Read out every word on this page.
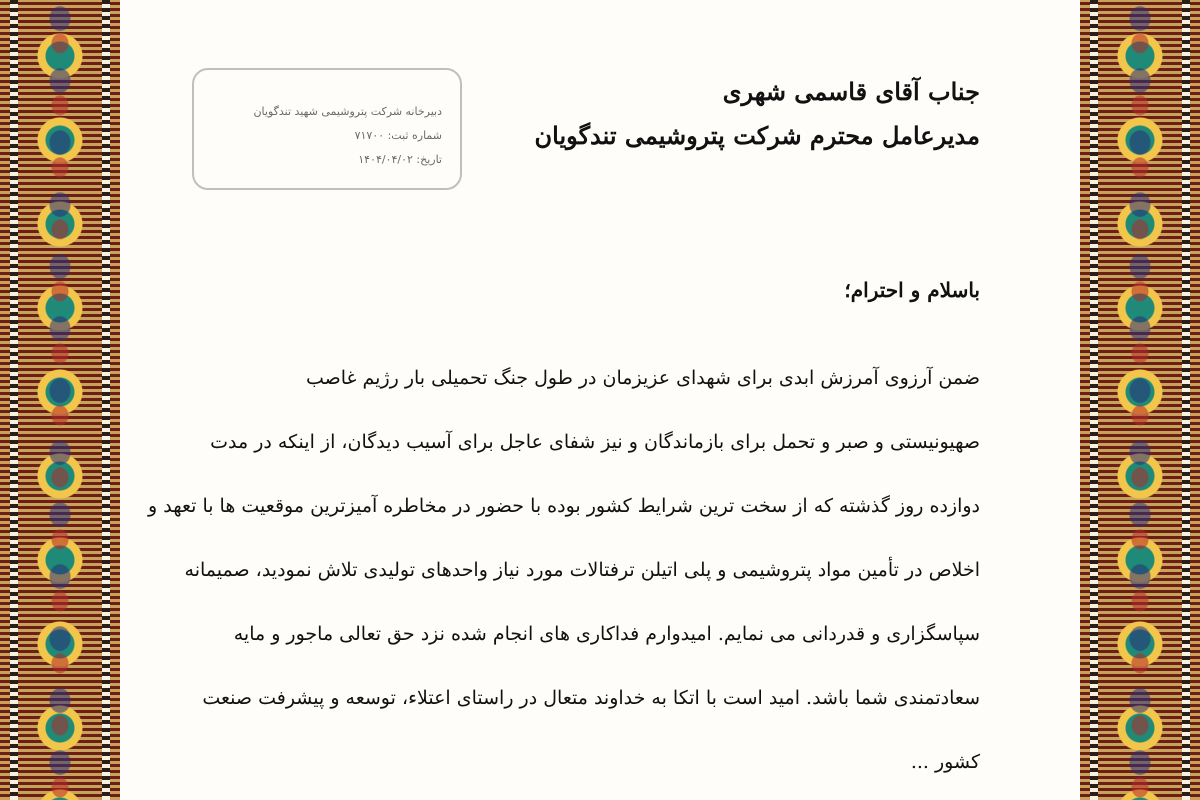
دبیرخانه شرکت پتروشیمی شهید تندگویان
شماره ثبت: ۷۱۷۰۰
تاریخ: ۱۴۰۴/۰۴/۰۲
جناب آقای قاسمی شهری
مدیرعامل محترم شرکت پتروشیمی تندگویان
باسلام و احترام؛
ضمن آرزوی آمرزش ابدی برای شهدای عزیزمان در طول جنگ تحمیلی بار رژیم غاصب
صهیونیستی و صبر و تحمل برای بازماندگان و نیز شفای عاجل برای آسیب دیدگان، از اینکه در مدت
دوازده روز گذشته که از سخت ترین شرایط کشور بوده با حضور در مخاطره آمیزترین موقعیت ها با تعهد و
اخلاص در تأمین مواد پتروشیمی و پلی اتیلن ترفتالات مورد نیاز واحدهای تولیدی تلاش نمودید، صمیمانه
سپاسگزاری و قدردانی می نمایم. امیدوارم فداکاری های انجام شده نزد حق تعالی ماجور و مایه
سعادتمندی شما باشد. امید است با اتکا به خداوند متعال در راستای اعتلاء، توسعه و پیشرفت صنعت
کشور ...
